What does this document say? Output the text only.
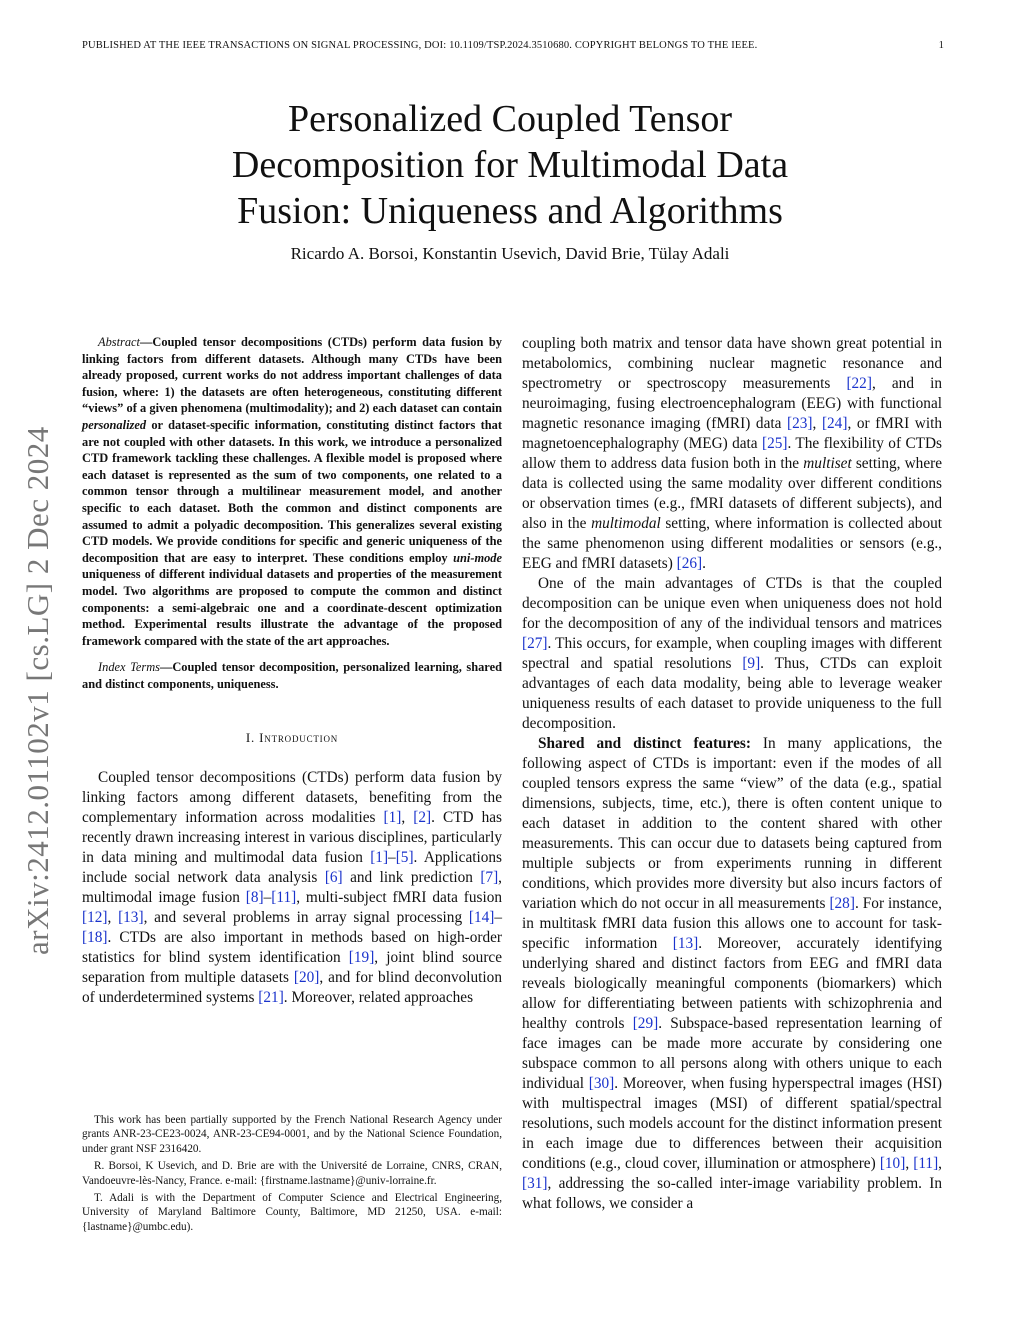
PUBLISHED AT THE IEEE TRANSACTIONS ON SIGNAL PROCESSING, DOI: 10.1109/TSP.2024.3510680. COPYRIGHT BELONGS TO THE IEEE.	1
arXiv:2412.01102v1 [cs.LG] 2 Dec 2024
Personalized Coupled Tensor
Decomposition for Multimodal Data
Fusion: Uniqueness and Algorithms
Ricardo A. Borsoi, Konstantin Usevich, David Brie, Tülay Adali

Abstract—Coupled tensor decompositions (CTDs) perform data fusion by linking factors from different datasets. Although many CTDs have been already proposed, current works do not address important challenges of data fusion, where: 1) the datasets are often heterogeneous, constituting different “views” of a given phenomena (multimodality); and 2) each dataset can contain personalized or dataset-specific information, constituting distinct factors that are not coupled with other datasets. In this work, we introduce a personalized CTD framework tackling these challenges. A flexible model is proposed where each dataset is represented as the sum of two components, one related to a common tensor through a multilinear measurement model, and another specific to each dataset. Both the common and distinct components are assumed to admit a polyadic decomposition. This generalizes several existing CTD models. We provide conditions for specific and generic uniqueness of the decomposition that are easy to interpret. These conditions employ uni-mode uniqueness of different individual datasets and properties of the measurement model. Two algorithms are proposed to compute the common and distinct components: a semi-algebraic one and a coordinate-descent optimization method. Experimental results illustrate the advantage of the proposed framework compared with the state of the art approaches.

Index Terms—Coupled tensor decomposition, personalized learning, shared and distinct components, uniqueness.

I. Introduction

Coupled tensor decompositions (CTDs) perform data fusion by linking factors among different datasets, benefiting from the complementary information across modalities [1], [2]. CTD has recently drawn increasing interest in various disciplines, particularly in data mining and multimodal data fusion [1]–[5]. Applications include social network data analysis [6] and link prediction [7], multimodal image fusion [8]–[11], multi-subject fMRI data fusion [12], [13], and several problems in array signal processing [14]–[18]. CTDs are also important in methods based on high-order statistics for blind system identification [19], joint blind source separation from multiple datasets [20], and for blind deconvolution of underdetermined systems [21]. Moreover, related approaches

This work has been partially supported by the French National Research Agency under grants ANR-23-CE23-0024, ANR-23-CE94-0001, and by the National Science Foundation, under grant NSF 2316420.

R. Borsoi, K Usevich, and D. Brie are with the Université de Lorraine, CNRS, CRAN, Vandoeuvre-lès-Nancy, France. e-mail: {firstname.lastname}@univ-lorraine.fr.

T. Adali is with the Department of Computer Science and Electrical Engineering, University of Maryland Baltimore County, Baltimore, MD 21250, USA. e-mail: {lastname}@umbc.edu).

coupling both matrix and tensor data have shown great potential in metabolomics, combining nuclear magnetic resonance and spectrometry or spectroscopy measurements [22], and in neuroimaging, fusing electroencephalogram (EEG) with functional magnetic resonance imaging (fMRI) data [23], [24], or fMRI with magnetoencephalography (MEG) data [25]. The flexibility of CTDs allow them to address data fusion both in the multiset setting, where data is collected using the same modality over different conditions or observation times (e.g., fMRI datasets of different subjects), and also in the multimodal setting, where information is collected about the same phenomenon using different modalities or sensors (e.g., EEG and fMRI datasets) [26].

One of the main advantages of CTDs is that the coupled decomposition can be unique even when uniqueness does not hold for the decomposition of any of the individual tensors and matrices [27]. This occurs, for example, when coupling images with different spectral and spatial resolutions [9]. Thus, CTDs can exploit advantages of each data modality, being able to leverage weaker uniqueness results of each dataset to provide uniqueness to the full decomposition.

Shared and distinct features: In many applications, the following aspect of CTDs is important: even if the modes of all coupled tensors express the same “view” of the data (e.g., spatial dimensions, subjects, time, etc.), there is often content unique to each dataset in addition to the content shared with other measurements. This can occur due to datasets being captured from multiple subjects or from experiments running in different conditions, which provides more diversity but also incurs factors of variation which do not occur in all measurements [28]. For instance, in multitask fMRI data fusion this allows one to account for task-specific information [13]. Moreover, accurately identifying underlying shared and distinct factors from EEG and fMRI data reveals biologically meaningful components (biomarkers) which allow for differentiating between patients with schizophrenia and healthy controls [29]. Subspace-based representation learning of face images can be made more accurate by considering one subspace common to all persons along with others unique to each individual [30]. Moreover, when fusing hyperspectral images (HSI) with multispectral images (MSI) of different spatial/spectral resolutions, such models account for the distinct information present in each image due to differences between their acquisition conditions (e.g., cloud cover, illumination or atmosphere) [10], [11], [31], addressing the so-called inter-image variability problem. In what follows, we consider a
